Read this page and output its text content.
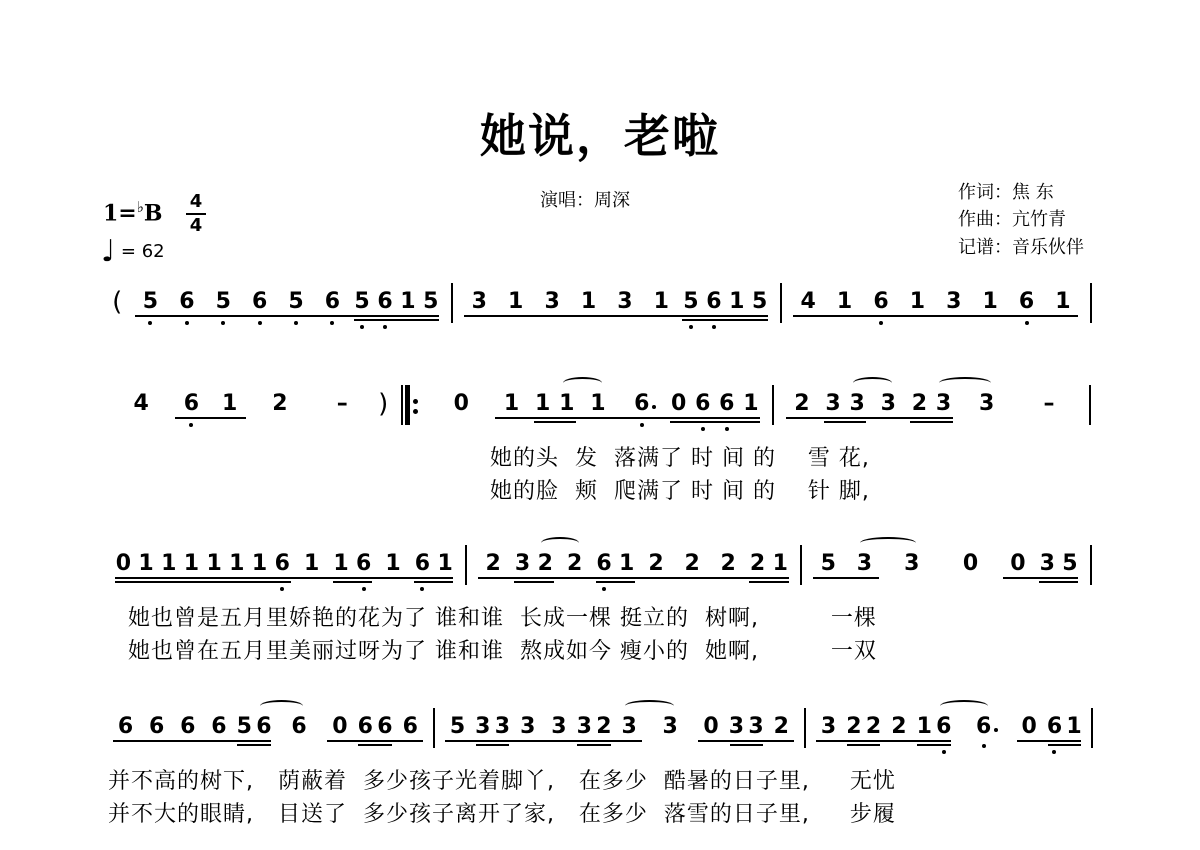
她说，老啦
演唱：周深	作词：焦 东
作曲：亢竹青
记谱：音乐伙伴
1=♭B 4
4
♩ = 62
( 5 6 5 6 5 6 5 6 1 5 3 1 3 1 3 1 5 6 1 5 4 1 6 1 3 1 6 1
4 6 1 2 – )	0 1 1 1 1 6 0 6 6 1 2 3 3 3 2 3 3 –
她的头  发  落满了 时 间 的    雪 花,
她的脸  颊  爬满了 时 间 的    针 脚,
0 1 1 1 1 1 1 6 1 1 6 1 6 1 2 3 2 2 6 1 2 2 2 2 1 5 3 3 0 0 3 5
她也曾是五月里娇艳的花为了 谁和谁  长成一棵 挺立的  树啊,         一棵
她也曾在五月里美丽过呀为了 谁和谁  熬成如今 瘦小的  她啊,         一双
6 6 6 6 5 6 6 0 6 6 6 5 3 3 3 3 3 2 3 3 0 3 3 2 3 2 2 2 1 6 6 0 6 1
并不高的树下,   荫蔽着  多少孩子光着脚丫,   在多少  酷暑的日子里,     无忧
并不大的眼睛,   目送了  多少孩子离开了家,   在多少  落雪的日子里,     步履
